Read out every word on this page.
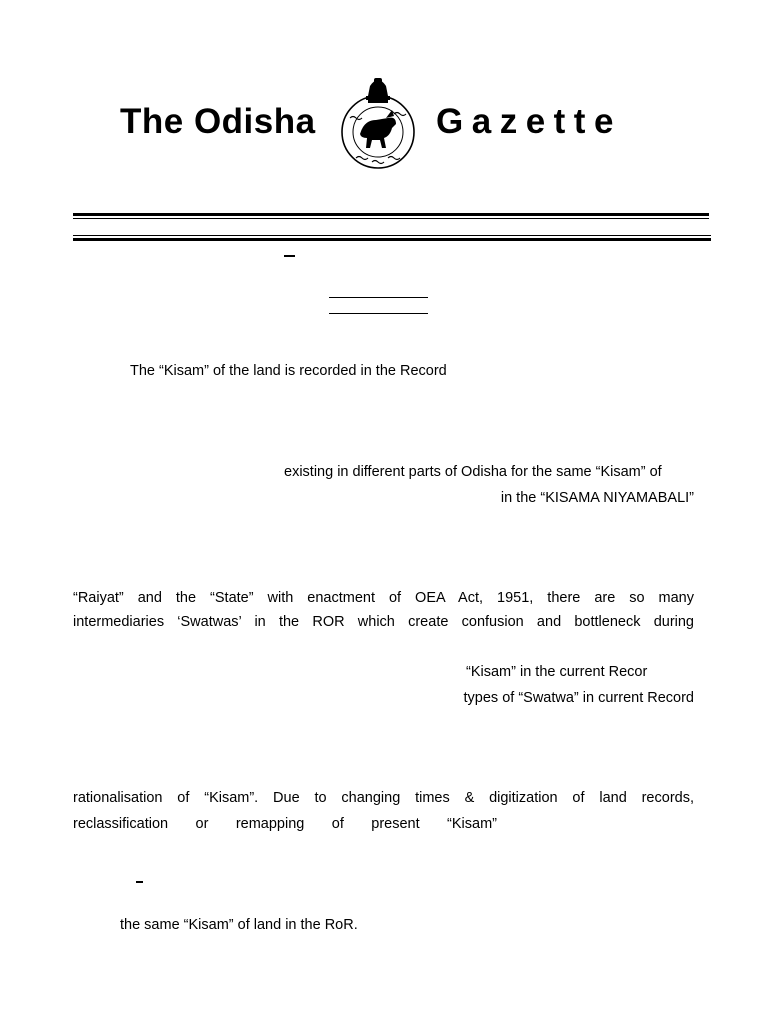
The Odisha	Gazette
The “Kisam” of the land is recorded in the Record
existing in different parts of Odisha for the same “Kisam” of
in the “KISAMA NIYAMABALI”
“Raiyat” and the “State” with enactment of OEA Act, 1951, there are so many
intermediaries ‘Swatwas’ in the ROR which create confusion and bottleneck during
“Kisam” in the current Recor
types of “Swatwa” in current Record
rationalisation of “Kisam”. Due to changing times & digitization of land records,
reclassification or remapping of present “Kisam”
the same “Kisam” of land in the RoR.
